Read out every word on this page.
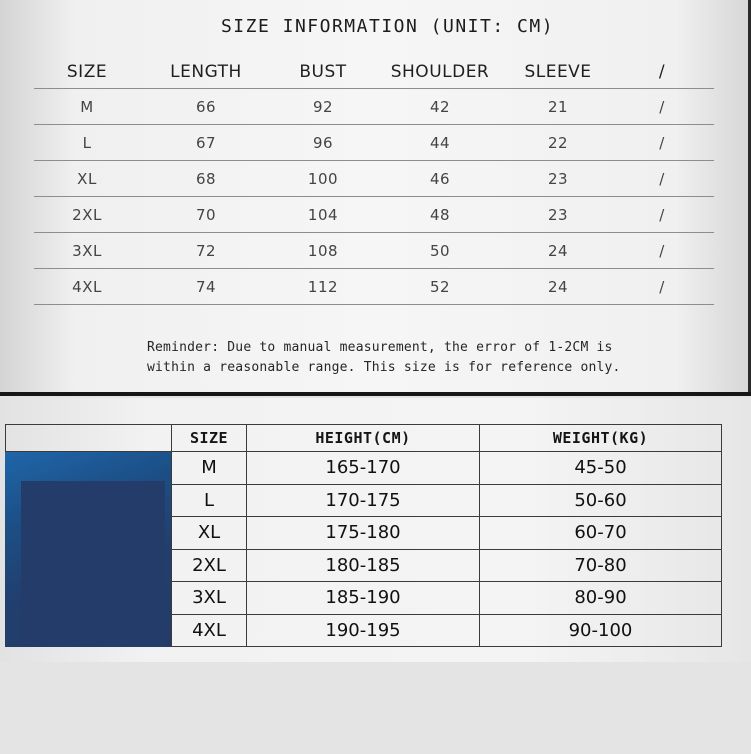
SIZE INFORMATION (UNIT: CM)
SIZE	LENGTH	BUST	SHOULDER	SLEEVE	/
M	66	92	42	21	/
L	67	96	44	22	/
XL	68	100	46	23	/
2XL	70	104	48	23	/
3XL	72	108	50	24	/
4XL	74	112	52	24	/
Reminder: Due to manual measurement, the error of 1-2CM is
within a reasonable range. This size is for reference only.
	SIZE	HEIGHT(CM)	WEIGHT(KG)
	M	165-170	45-50
	L	170-175	50-60
	XL	175-180	60-70
	2XL	180-185	70-80
	3XL	185-190	80-90
	4XL	190-195	90-100
